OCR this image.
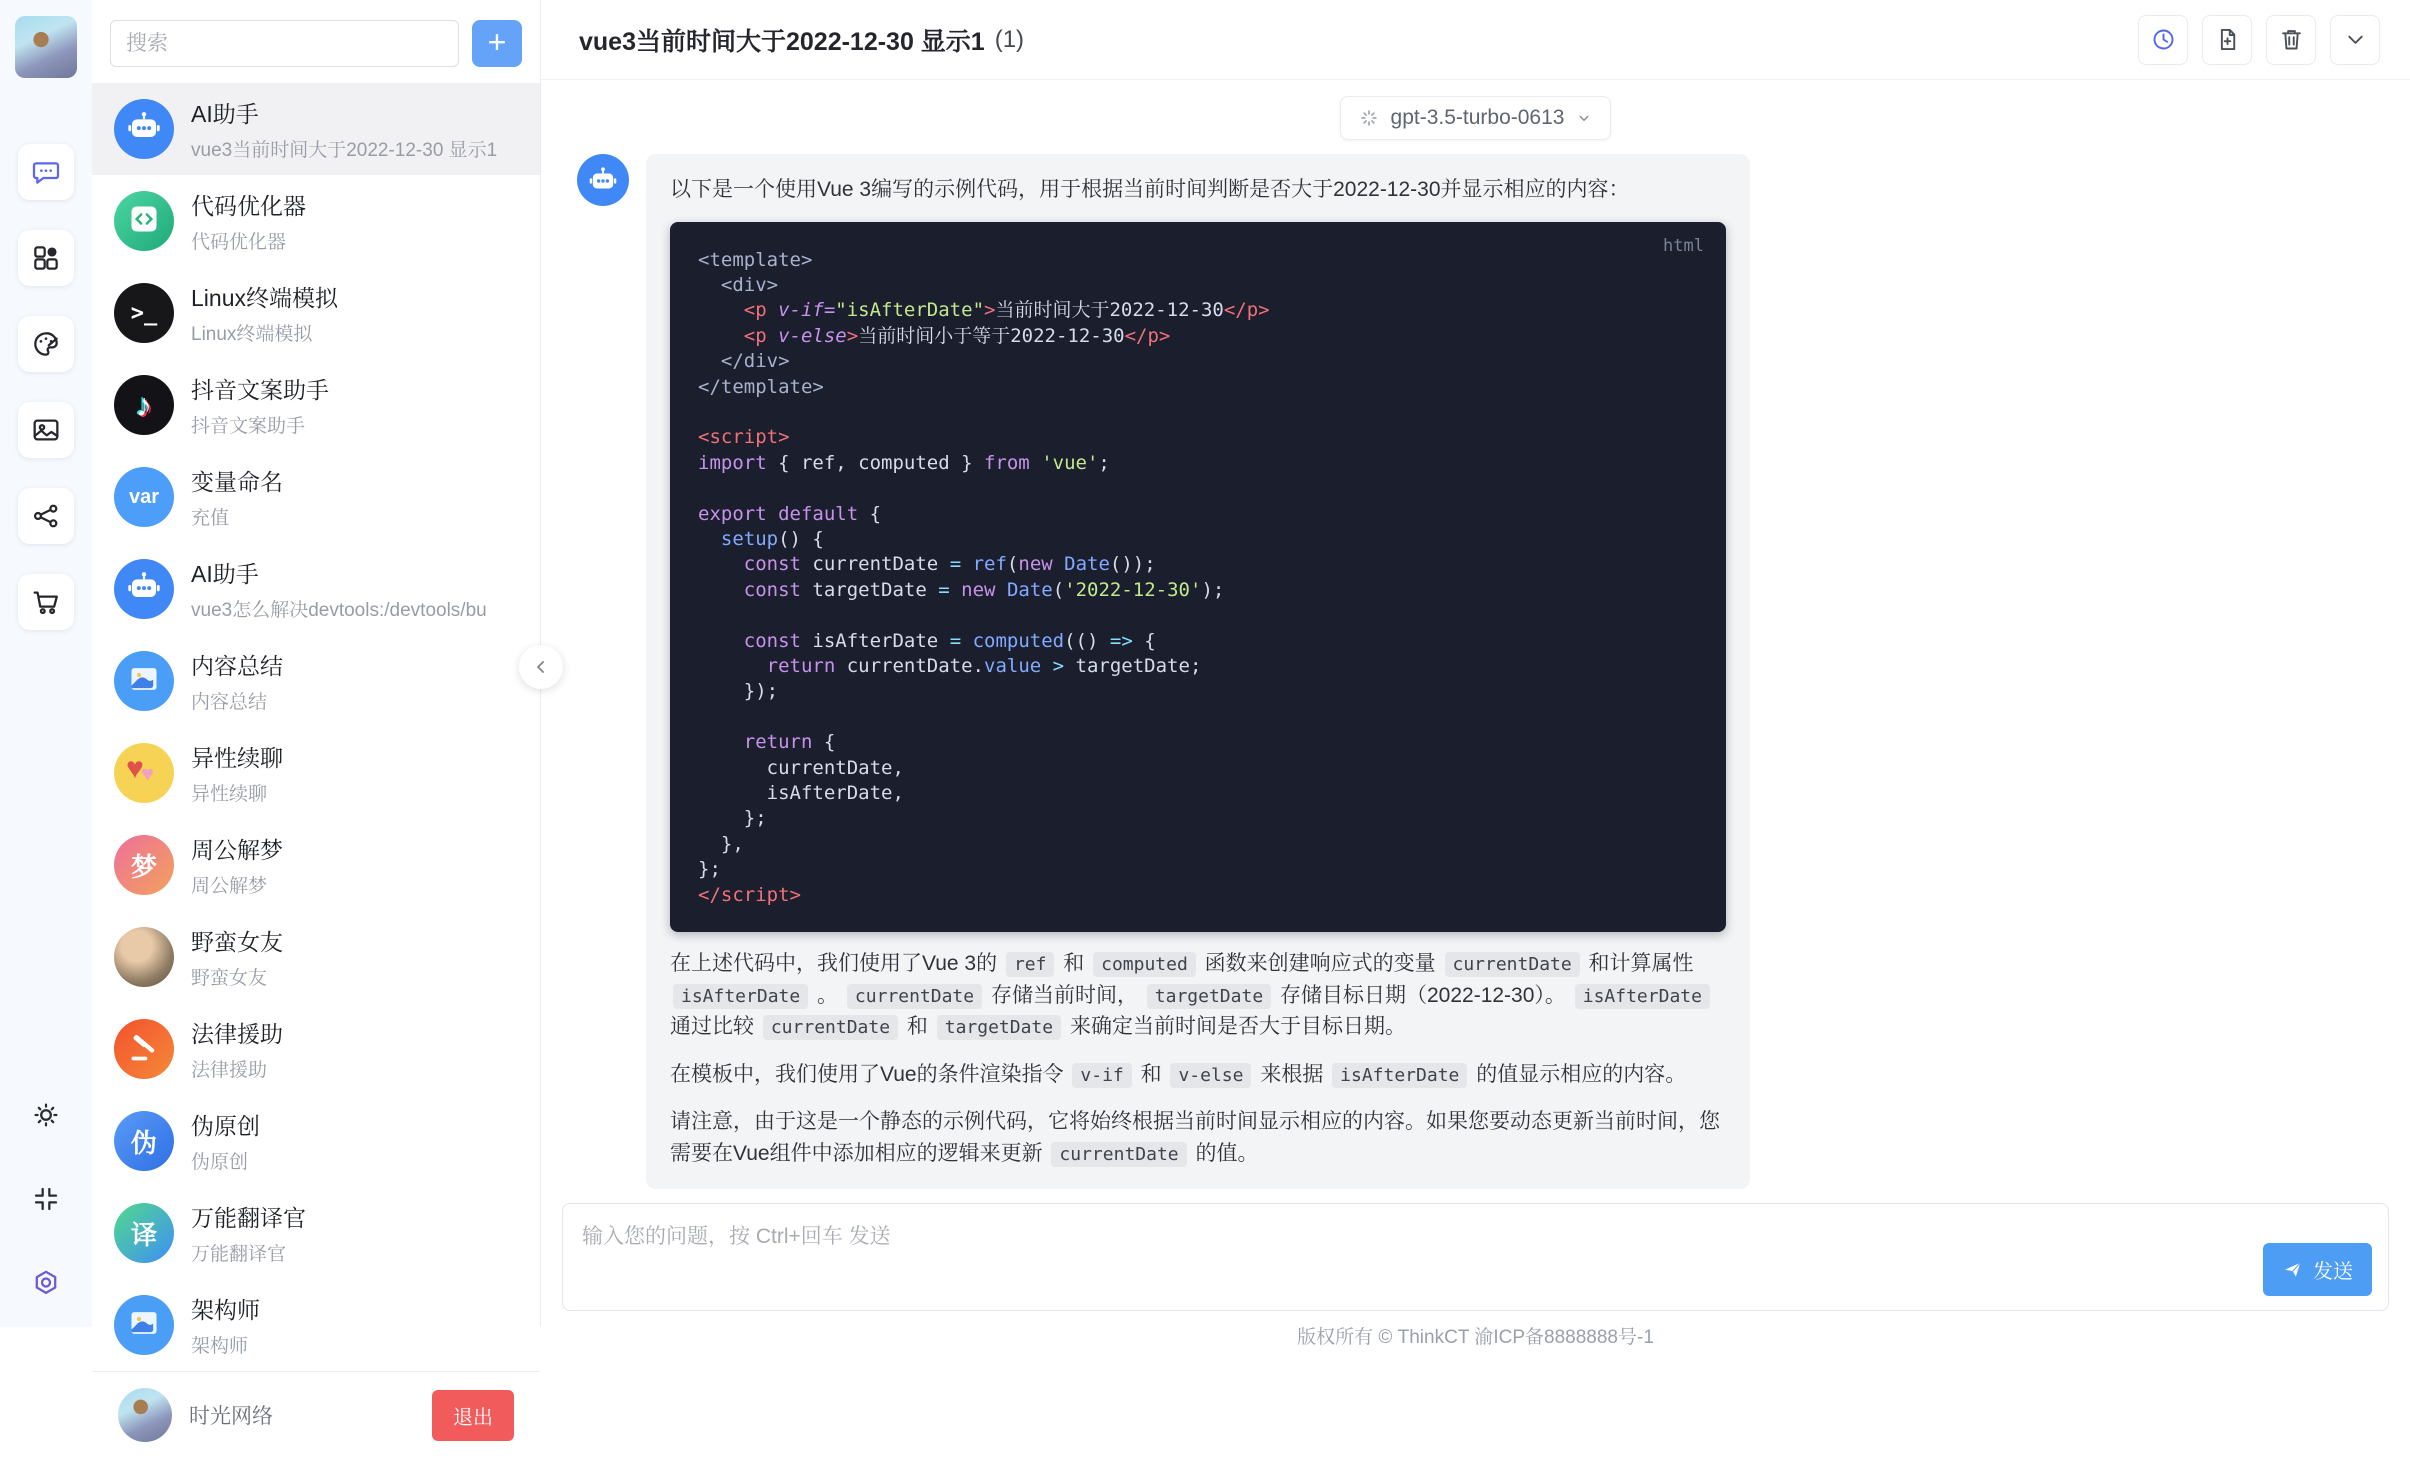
搜索
+
AI助手
vue3当前时间大于2022-12-30 显示1
代码优化器
代码优化器
>_
Linux终端模拟
Linux终端模拟
♪ 抖音文案助手
抖音文案助手
var
变量命名
充值
AI助手
vue3怎么解决devtools:/devtools/bu
内容总结
内容总结
♥
♥
异性续聊
异性续聊
梦
周公解梦
周公解梦
野蛮女友
野蛮女友
法律援助
法律援助
伪
伪原创
伪原创
译
万能翻译官
万能翻译官
架构师
架构师
时光网络	退出
vue3当前时间大于2022-12-30 显示1 (1)
gpt-3.5-turbo-0613
以下是一个使用Vue 3编写的示例代码，用于根据当前时间判断是否大于2022-12-30并显示相应的内容：
html
<template>
<div>
<p v-if="isAfterDate">当前时间大于2022-12-30</p>
<p v-else>当前时间小于等于2022-12-30</p>
</div>
</template>

<script>
import { ref, computed } from 'vue';

export default {
setup() {
const currentDate = ref(new Date());
const targetDate = new Date('2022-12-30');

const isAfterDate = computed(() => {
return currentDate.value > targetDate;
});

return {
currentDate,
isAfterDate,
};
},
};
</script>

在上述代码中，我们使用了Vue 3的 ref 和 computed 函数来创建响应式的变量 currentDate 和计算属性 isAfterDate 。 currentDate 存储当前时间， targetDate 存储目标日期（2022-12-30）。 isAfterDate 通过比较 currentDate 和 targetDate 来确定当前时间是否大于目标日期。
在模板中，我们使用了Vue的条件渲染指令 v-if 和 v-else 来根据 isAfterDate 的值显示相应的内容。
请注意，由于这是一个静态的示例代码，它将始终根据当前时间显示相应的内容。如果您要动态更新当前时间，您需要在Vue组件中添加相应的逻辑来更新 currentDate 的值。
输入您的问题，按 Ctrl+回车 发送
发送
版权所有 © ThinkCT 渝ICP备8888888号-1
